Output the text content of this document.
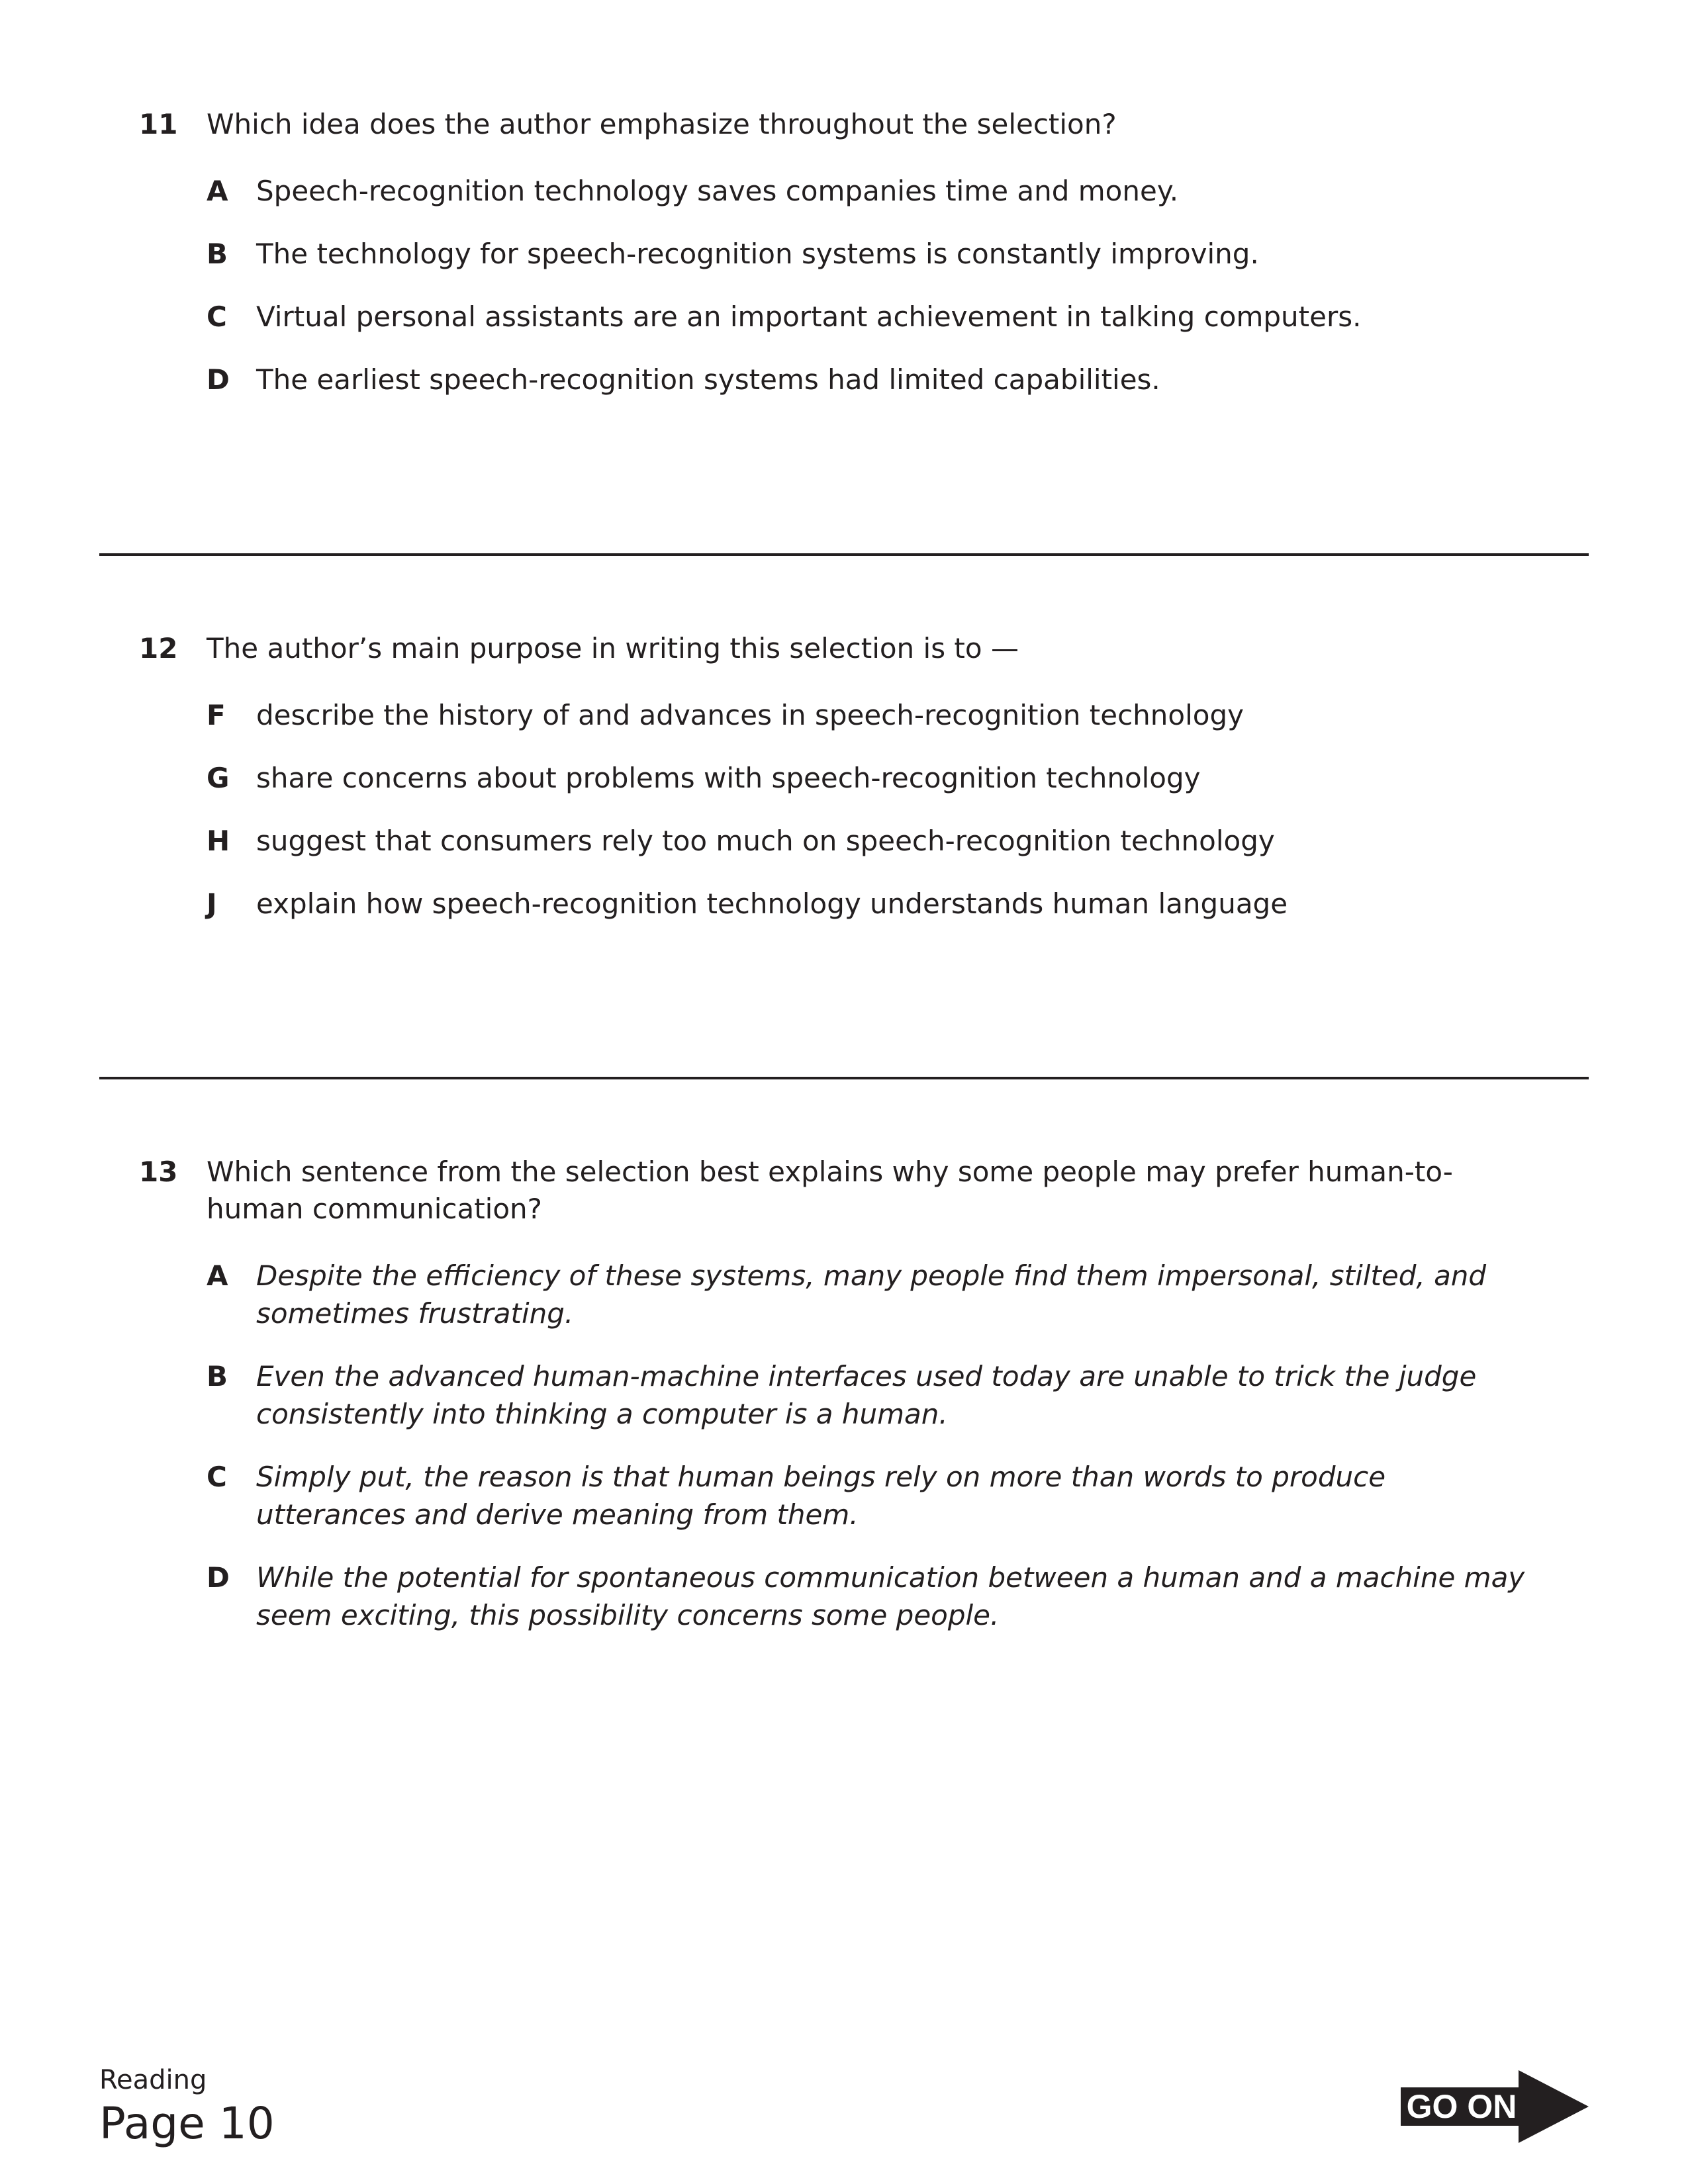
11 Which idea does the author emphasize throughout the selection?
A Speech-recognition technology saves companies time and money.
B The technology for speech-recognition systems is constantly improving.
C Virtual personal assistants are an important achievement in talking computers.
D The earliest speech-recognition systems had limited capabilities.
12 The author’s main purpose in writing this selection is to —
F describe the history of and advances in speech-recognition technology
G share concerns about problems with speech-recognition technology
H suggest that consumers rely too much on speech-recognition technology
J explain how speech-recognition technology understands human language
13 Which sentence from the selection best explains why some people may prefer human-to-human communication?
A Despite the efficiency of these systems, many people find them impersonal, stilted, and sometimes frustrating.
B Even the advanced human-machine interfaces used today are unable to trick the judge consistently into thinking a computer is a human.
C Simply put, the reason is that human beings rely on more than words to produce utterances and derive meaning from them.
D While the potential for spontaneous communication between a human and a machine may seem exciting, this possibility concerns some people.
Reading
Page 10	GO ON
